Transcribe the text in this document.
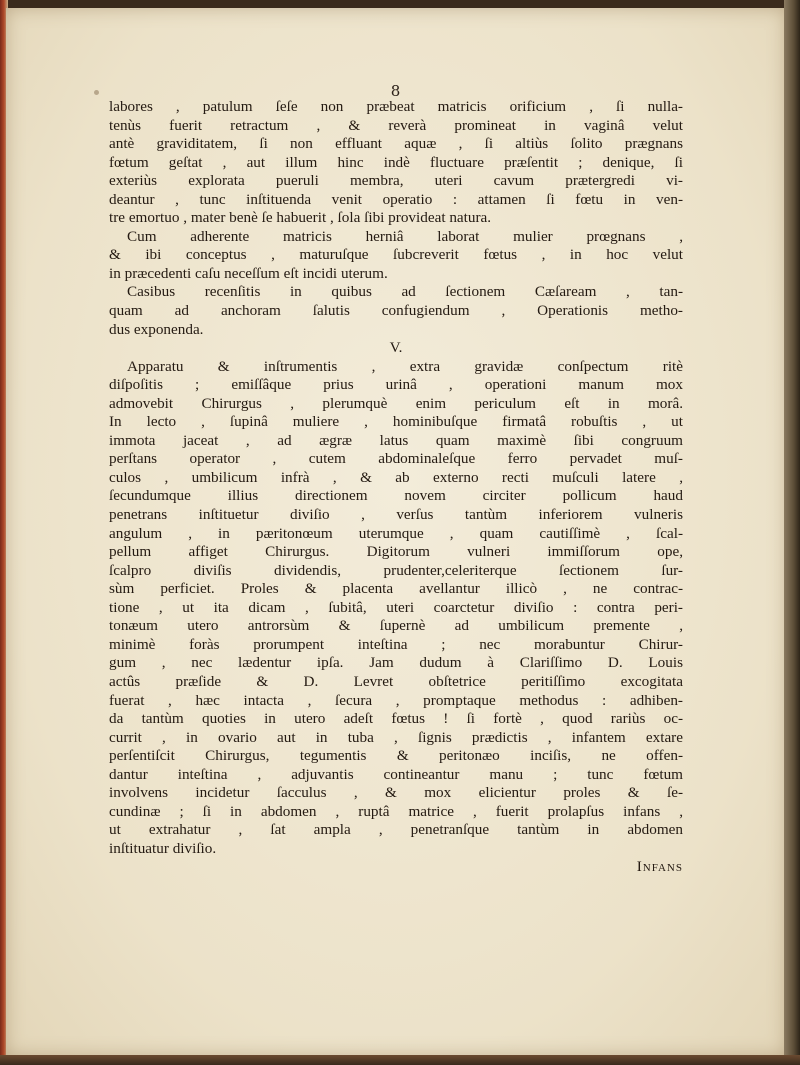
8
labores , patulum ſeſe non præbeat matricis orificium , ſi nulla-
tenùs fuerit retractum , & reverà promineat in vaginâ velut
antè graviditatem, ſi non effluant aquæ , ſi altiùs ſolito prægnans
fœtum geſtat , aut illum hinc indè fluctuare præſentit ; denique, ſi
exteriùs explorata pueruli membra, uteri cavum prætergredi vi-
deantur , tunc inſtituenda venit operatio : attamen ſi fœtu in ven-
tre emortuo , mater benè ſe habuerit , ſola ſibi provideat natura.
Cum adherente matricis herniâ laborat mulier prœgnans ,
& ibi conceptus , maturuſque ſubcreverit fœtus , in hoc velut
in præcedenti caſu neceſſum eſt incidi uterum.
Casibus recenſitis in quibus ad ſectionem Cæſaream , tan-
quam ad anchoram ſalutis confugiendum , Operationis metho-
dus exponenda.
V.
Apparatu & inſtrumentis , extra gravidæ conſpectum ritè
diſpoſitis ; emiſſâque prius urinâ , operationi manum mox
admovebit Chirurgus , plerumquè enim periculum eſt in morâ.
In lecto , ſupinâ muliere , hominibuſque firmatâ robuſtis , ut
immota jaceat , ad ægræ latus quam maximè ſibi congruum
perſtans operator , cutem abdominaleſque ferro pervadet muſ-
culos , umbilicum infrà , & ab externo recti muſculi latere ,
ſecundumque illius directionem novem circiter pollicum haud
penetrans inſtituetur diviſio , verſus tantùm inferiorem vulneris
angulum , in pæritonœum uterumque , quam cautiſſimè , ſcal-
pellum affiget Chirurgus. Digitorum vulneri immiſſorum ope,
ſcalpro diviſis dividendis, prudenter,celeriterque ſectionem ſur-
sùm perficiet. Proles & placenta avellantur illicò , ne contrac-
tione , ut ita dicam , ſubitâ, uteri coarctetur diviſio : contra peri-
tonæum utero antrorsùm & ſupernè ad umbilicum premente ,
minimè foràs prorumpent inteſtina ; nec morabuntur Chirur-
gum , nec lædentur ipſa. Jam dudum à Clariſſimo D. Louis
actûs præſide & D. Levret obſtetrice peritiſſimo excogitata
fuerat , hæc intacta , ſecura , promptaque methodus : adhiben-
da tantùm quoties in utero adeſt fœtus ! ſi fortè , quod rariùs oc-
currit , in ovario aut in tuba , ſignis prædictis , infantem extare
perſentiſcit Chirurgus, tegumentis & peritonæo inciſis, ne offen-
dantur inteſtina , adjuvantis contineantur manu ; tunc fœtum
involvens incidetur ſacculus , & mox elicientur proles & ſe-
cundinæ ; ſi in abdomen , ruptâ matrice , fuerit prolapſus infans ,
ut extrahatur , ſat ampla , penetranſque tantùm in abdomen
inſtituatur diviſio.
Infans
